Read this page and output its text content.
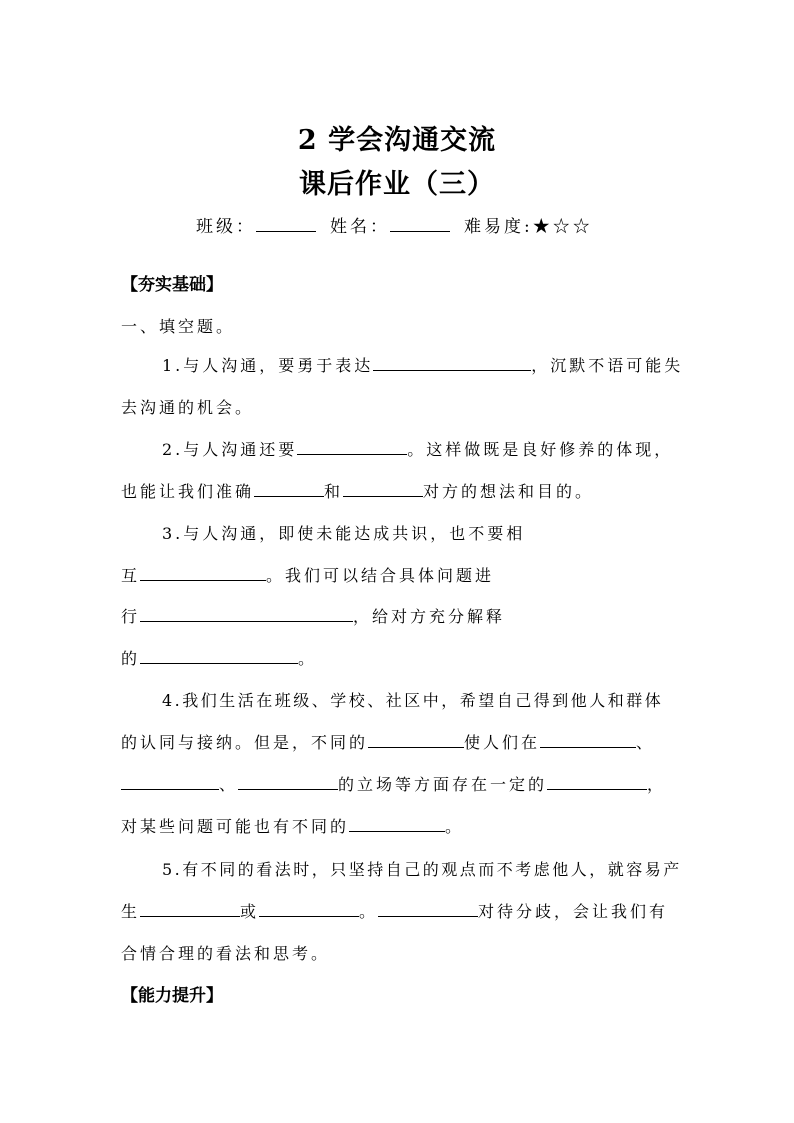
2 学会沟通交流
课后作业（三）
班级：	姓名：	难易度:★☆☆
【夯实基础】
一、填空题。
1.与人沟通，要勇于表达	，沉默不语可能失
去沟通的机会。
2.与人沟通还要	。这样做既是良好修养的体现，
也能让我们准确	和	对方的想法和目的。
3.与人沟通，即使未能达成共识，也不要相
互	。我们可以结合具体问题进
行	，给对方充分解释
的	。
4.我们生活在班级、学校、社区中，希望自己得到他人和群体
的认同与接纳。但是，不同的	使人们在	、
、	的立场等方面存在一定的	，
对某些问题可能也有不同的	。
5.有不同的看法时，只坚持自己的观点而不考虑他人，就容易产
生	或	。	对待分歧，会让我们有
合情合理的看法和思考。
【能力提升】
